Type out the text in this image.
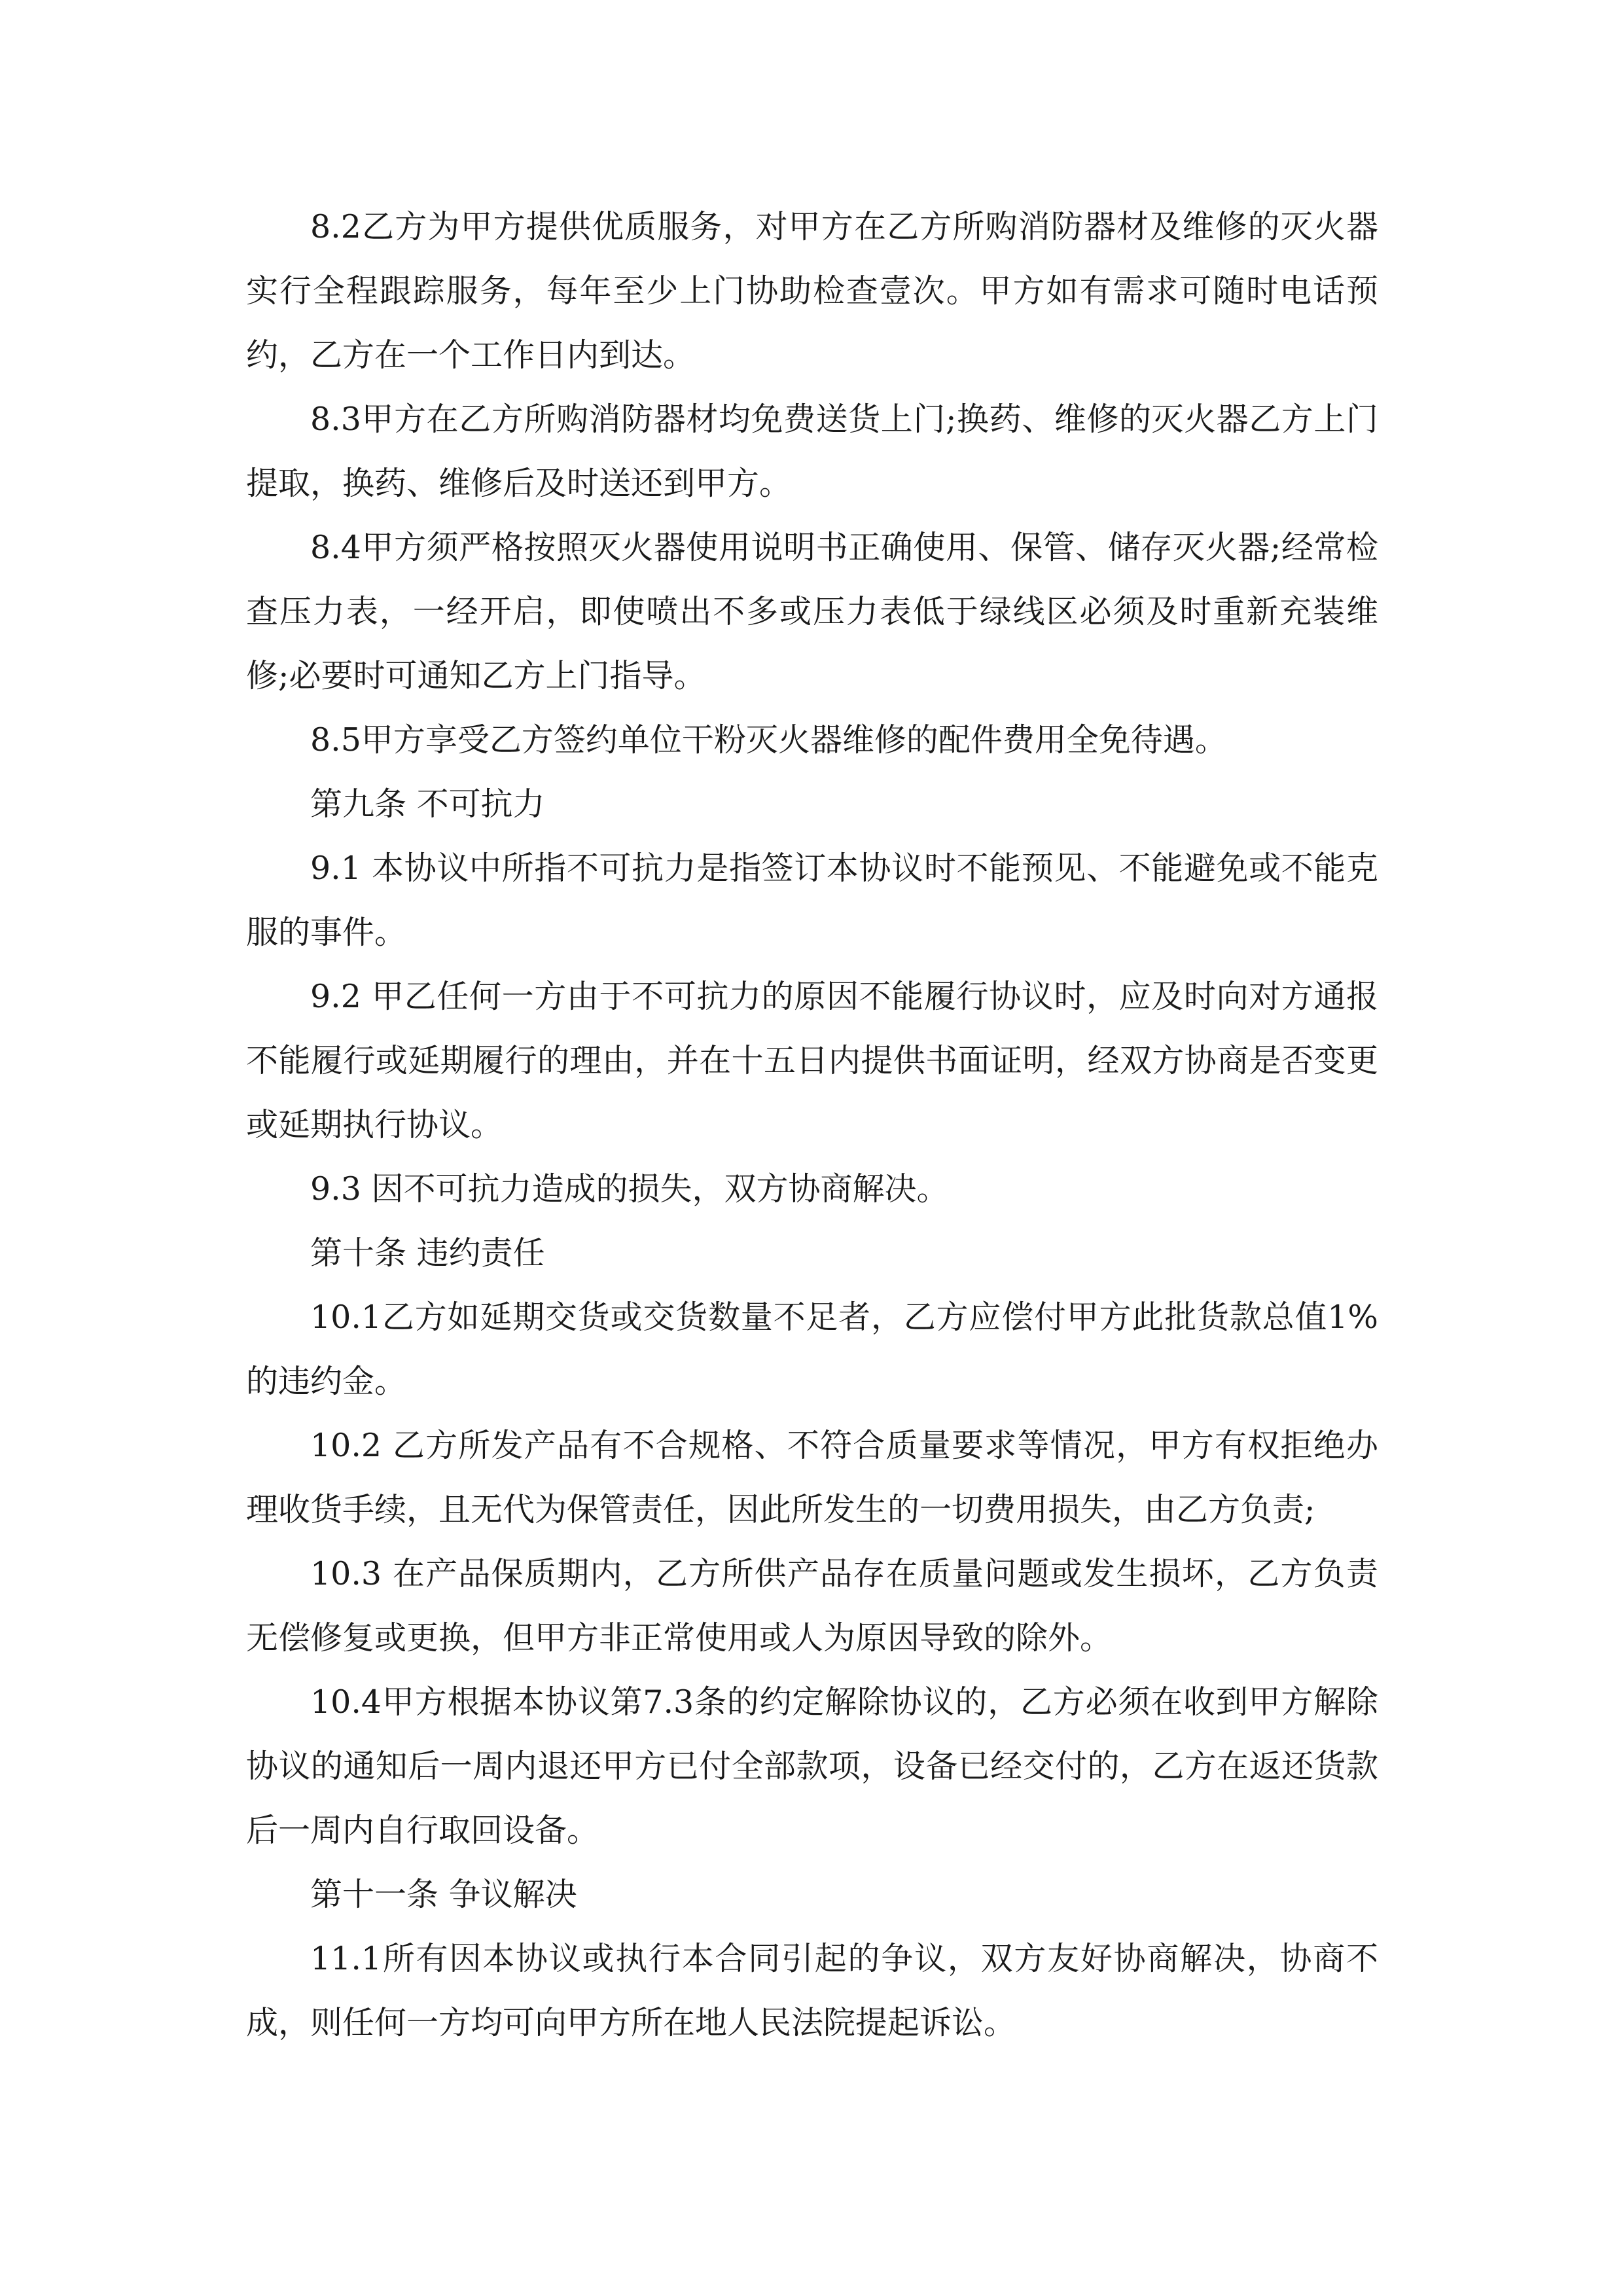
8.2乙方为甲方提供优质服务，对甲方在乙方所购消防器材及维修的灭火器实行全程跟踪服务，每年至少上门协助检查壹次。甲方如有需求可随时电话预约，乙方在一个工作日内到达。

8.3甲方在乙方所购消防器材均免费送货上门;换药、维修的灭火器乙方上门提取，换药、维修后及时送还到甲方。

8.4甲方须严格按照灭火器使用说明书正确使用、保管、储存灭火器;经常检查压力表，一经开启，即使喷出不多或压力表低于绿线区必须及时重新充装维修;必要时可通知乙方上门指导。

8.5甲方享受乙方签约单位干粉灭火器维修的配件费用全免待遇。

第九条 不可抗力

9.1 本协议中所指不可抗力是指签订本协议时不能预见、不能避免或不能克服的事件。

9.2 甲乙任何一方由于不可抗力的原因不能履行协议时，应及时向对方通报不能履行或延期履行的理由，并在十五日内提供书面证明，经双方协商是否变更或延期执行协议。

9.3 因不可抗力造成的损失，双方协商解决。

第十条 违约责任

10.1乙方如延期交货或交货数量不足者，乙方应偿付甲方此批货款总值1%的违约金。

10.2 乙方所发产品有不合规格、不符合质量要求等情况，甲方有权拒绝办理收货手续，且无代为保管责任，因此所发生的一切费用损失，由乙方负责;

10.3 在产品保质期内，乙方所供产品存在质量问题或发生损坏，乙方负责无偿修复或更换，但甲方非正常使用或人为原因导致的除外。

10.4甲方根据本协议第7.3条的约定解除协议的，乙方必须在收到甲方解除协议的通知后一周内退还甲方已付全部款项，设备已经交付的，乙方在返还货款后一周内自行取回设备。

第十一条 争议解决

11.1所有因本协议或执行本合同引起的争议，双方友好协商解决，协商不成，则任何一方均可向甲方所在地人民法院提起诉讼。
